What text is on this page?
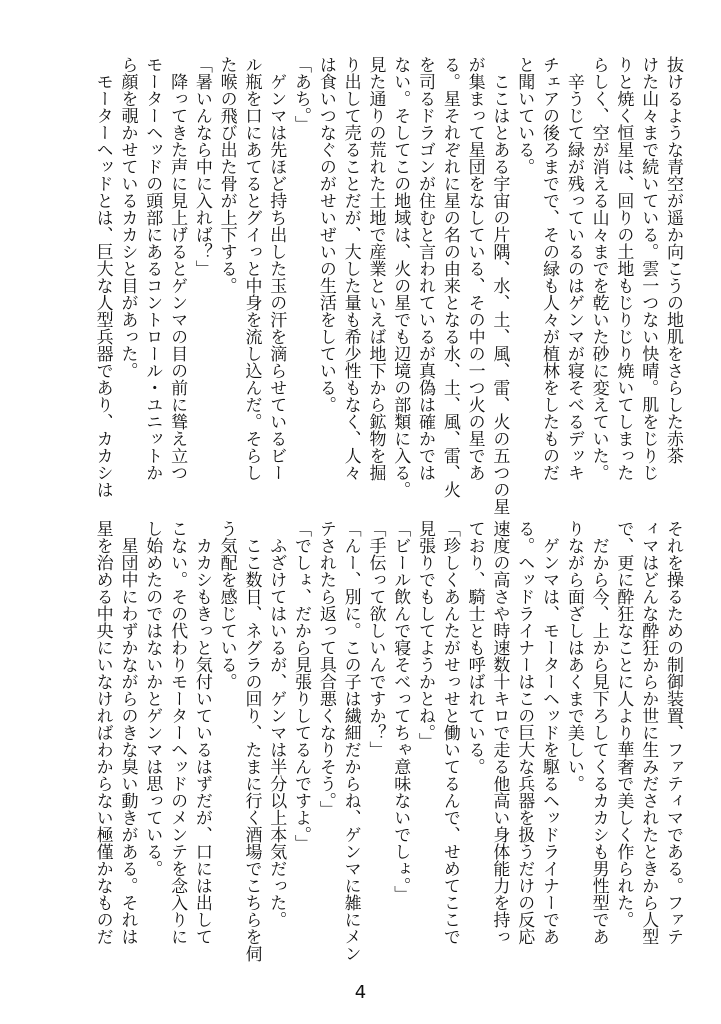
抜けるような青空が遥か向こうの地肌をさらした赤茶
けた山々まで続いている。雲一つない快晴。肌をじりじ
りと焼く恒星は、回りの土地もじりじり焼いてしまった
らしく、空が消える山々までを乾いた砂に変えていた。
　辛うじて緑が残っているのはゲンマが寝そべるデッキ
チェアの後ろまでで、その緑も人々が植林をしたものだ
と聞いている。
　ここはとある宇宙の片隅、水、土、風、雷、火の五つの星
が集まって星団をなしている、その中の一つ火の星であ
る。星それぞれに星の名の由来となる水、土、風、雷、火
を司るドラゴンが住むと言われているが真偽は確かでは
ない。そしてこの地域は、火の星でも辺境の部類に入る。
見た通りの荒れた土地で産業といえば地下から鉱物を掘
り出して売ることだが、大した量も希少性もなく、人々
は食いつなぐのがせいぜいの生活をしている。
「あち。」
　ゲンマは先ほど持ち出した玉の汗を滴らせているビー
ル瓶を口にあてるとグイっと中身を流し込んだ。そらし
た喉の飛び出た骨が上下する。
「暑いんなら中に入れば？」
　降ってきた声に見上げるとゲンマの目の前に聳え立つ
モーターヘッドの頭部にあるコントロール・ユニットか
ら顔を覗かせているカカシと目があった。
　モーターヘッドとは、巨大な人型兵器であり、カカシは
それを操るための制御装置、ファティマである。ファテ
ィマはどんな酔狂からか世に生みだされたときから人型
で、更に酔狂なことに人より華奢で美しく作られた。
　だから今、上から見下ろしてくるカカシも男性型であ
りながら面ざしはあくまで美しい。
　ゲンマは、モーターヘッドを駆るヘッドライナーであ
る。ヘッドライナーはこの巨大な兵器を扱うだけの反応
速度の高さや時速数十キロで走る他高い身体能力を持っ
ており、騎士とも呼ばれている。
「珍しくあんたがせっせと働いてるんで、せめてここで
見張りでもしてようかとね。」
「ビール飲んで寝そべってちゃ意味ないでしょ。」
「手伝って欲しいんですか？」
「んー、別に。この子は繊細だからね、ゲンマに雑にメン
テされたら返って具合悪くなりそう。」
「でしょ、だから見張りしてるんですよ。」
　ふざけてはいるが、ゲンマは半分以上本気だった。
　ここ数日、ネグラの回り、たまに行く酒場でこちらを伺
う気配を感じている。
　カカシもきっと気付いているはずだが、口には出して
こない。その代わりモーターヘッドのメンテを念入りに
し始めたのではないかとゲンマは思っている。
　星団中にわずかながらのきな臭い動きがある。それは
星を治める中央にいなければわからない極僅かなものだ
4
